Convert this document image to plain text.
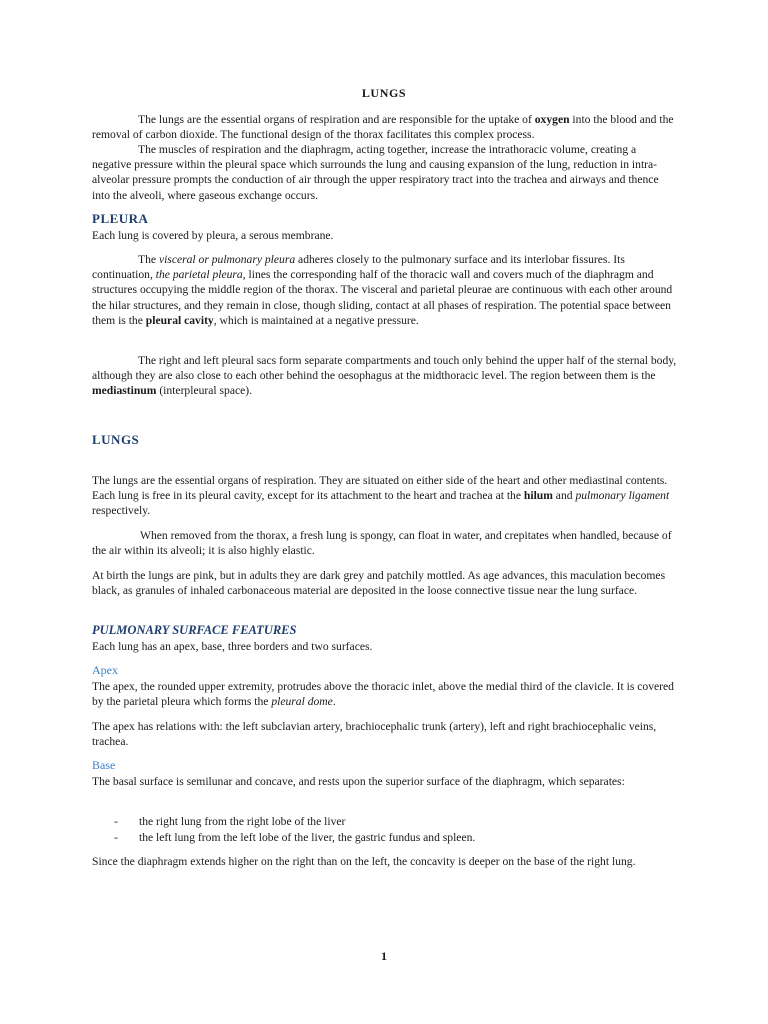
LUNGS
The lungs are the essential organs of respiration and are responsible for the uptake of oxygen into the blood and the removal of carbon dioxide. The functional design of the thorax facilitates this complex process.
The muscles of respiration and the diaphragm, acting together, increase the intrathoracic volume, creating a negative pressure within the pleural space which surrounds the lung and causing expansion of the lung, reduction in intra-alveolar pressure prompts the conduction of air through the upper respiratory tract into the trachea and airways and thence into the alveoli, where gaseous exchange occurs.
PLEURA
Each lung is covered by pleura, a serous membrane.
The visceral or pulmonary pleura adheres closely to the pulmonary surface and its interlobar fissures. Its continuation, the parietal pleura, lines the corresponding half of the thoracic wall and covers much of the diaphragm and structures occupying the middle region of the thorax. The visceral and parietal pleurae are continuous with each other around the hilar structures, and they remain in close, though sliding, contact at all phases of respiration. The potential space between them is the pleural cavity, which is maintained at a negative pressure.
The right and left pleural sacs form separate compartments and touch only behind the upper half of the sternal body, although they are also close to each other behind the oesophagus at the midthoracic level. The region between them is the mediastinum (interpleural space).
LUNGS
The lungs are the essential organs of respiration. They are situated on either side of the heart and other mediastinal contents. Each lung is free in its pleural cavity, except for its attachment to the heart and trachea at the hilum and pulmonary ligament respectively.
When removed from the thorax, a fresh lung is spongy, can float in water, and crepitates when handled, because of the air within its alveoli; it is also highly elastic.
At birth the lungs are pink, but in adults they are dark grey and patchily mottled. As age advances, this maculation becomes black, as granules of inhaled carbonaceous material are deposited in the loose connective tissue near the lung surface.
PULMONARY SURFACE FEATURES
Each lung has an apex, base, three borders and two surfaces.
Apex
The apex, the rounded upper extremity, protrudes above the thoracic inlet, above the medial third of the clavicle. It is covered by the parietal pleura which forms the pleural dome.
The apex has relations with: the left subclavian artery, brachiocephalic trunk (artery), left and right brachiocephalic veins, trachea.
Base
The basal surface is semilunar and concave, and rests upon the superior surface of the diaphragm, which separates:
-	the right lung from the right lobe of the liver
-	the left lung from the left lobe of the liver, the gastric fundus and spleen.
Since the diaphragm extends higher on the right than on the left, the concavity is deeper on the base of the right lung.
1
